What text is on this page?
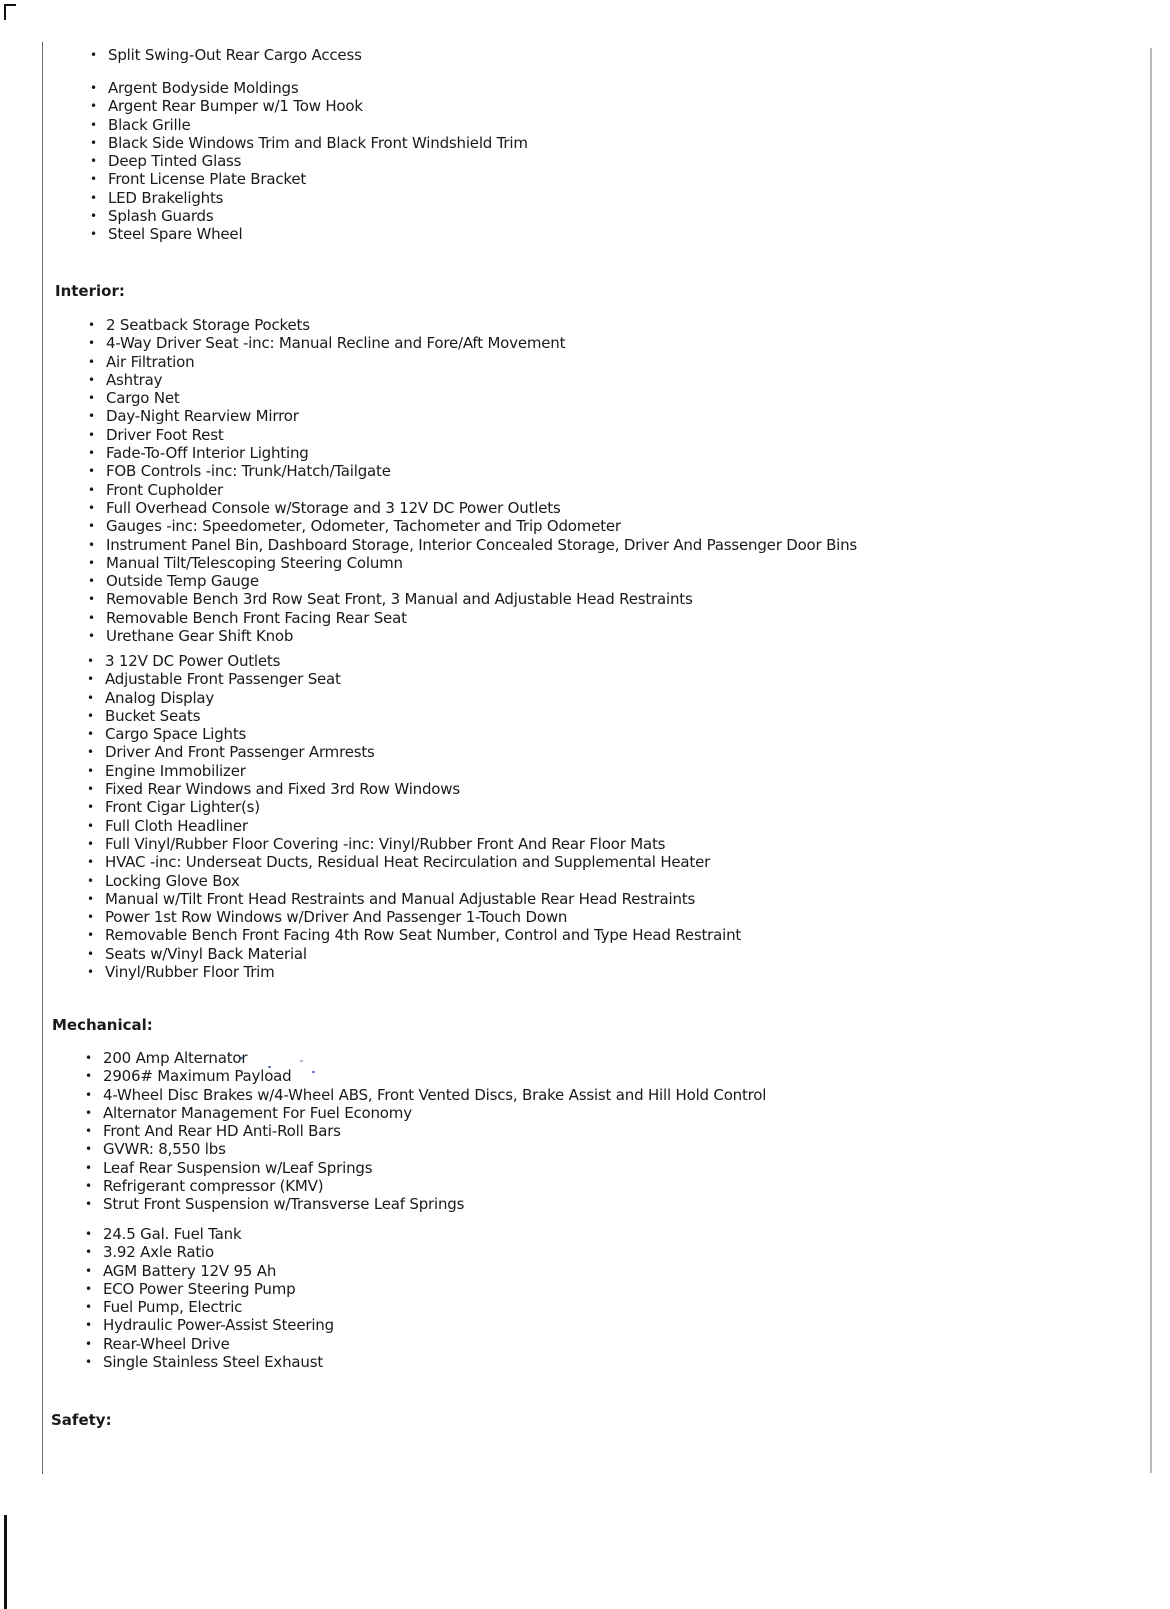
• Split Swing-Out Rear Cargo Access
• Argent Bodyside Moldings
• Argent Rear Bumper w/1 Tow Hook
• Black Grille
• Black Side Windows Trim and Black Front Windshield Trim
• Deep Tinted Glass
• Front License Plate Bracket
• LED Brakelights
• Splash Guards
• Steel Spare Wheel
Interior:
• 2 Seatback Storage Pockets
• 4-Way Driver Seat -inc: Manual Recline and Fore/Aft Movement
• Air Filtration
• Ashtray
• Cargo Net
• Day-Night Rearview Mirror
• Driver Foot Rest
• Fade-To-Off Interior Lighting
• FOB Controls -inc: Trunk/Hatch/Tailgate
• Front Cupholder
• Full Overhead Console w/Storage and 3 12V DC Power Outlets
• Gauges -inc: Speedometer, Odometer, Tachometer and Trip Odometer
• Instrument Panel Bin, Dashboard Storage, Interior Concealed Storage, Driver And Passenger Door Bins
• Manual Tilt/Telescoping Steering Column
• Outside Temp Gauge
• Removable Bench 3rd Row Seat Front, 3 Manual and Adjustable Head Restraints
• Removable Bench Front Facing Rear Seat
• Urethane Gear Shift Knob
• 3 12V DC Power Outlets
• Adjustable Front Passenger Seat
• Analog Display
• Bucket Seats
• Cargo Space Lights
• Driver And Front Passenger Armrests
• Engine Immobilizer
• Fixed Rear Windows and Fixed 3rd Row Windows
• Front Cigar Lighter(s)
• Full Cloth Headliner
• Full Vinyl/Rubber Floor Covering -inc: Vinyl/Rubber Front And Rear Floor Mats
• HVAC -inc: Underseat Ducts, Residual Heat Recirculation and Supplemental Heater
• Locking Glove Box
• Manual w/Tilt Front Head Restraints and Manual Adjustable Rear Head Restraints
• Power 1st Row Windows w/Driver And Passenger 1-Touch Down
• Removable Bench Front Facing 4th Row Seat Number, Control and Type Head Restraint
• Seats w/Vinyl Back Material
• Vinyl/Rubber Floor Trim
Mechanical:
• 200 Amp Alternator
• 2906# Maximum Payload
• 4-Wheel Disc Brakes w/4-Wheel ABS, Front Vented Discs, Brake Assist and Hill Hold Control
• Alternator Management For Fuel Economy
• Front And Rear HD Anti-Roll Bars
• GVWR: 8,550 lbs
• Leaf Rear Suspension w/Leaf Springs
• Refrigerant compressor (KMV)
• Strut Front Suspension w/Transverse Leaf Springs
• 24.5 Gal. Fuel Tank
• 3.92 Axle Ratio
• AGM Battery 12V 95 Ah
• ECO Power Steering Pump
• Fuel Pump, Electric
• Hydraulic Power-Assist Steering
• Rear-Wheel Drive
• Single Stainless Steel Exhaust
Safety:
